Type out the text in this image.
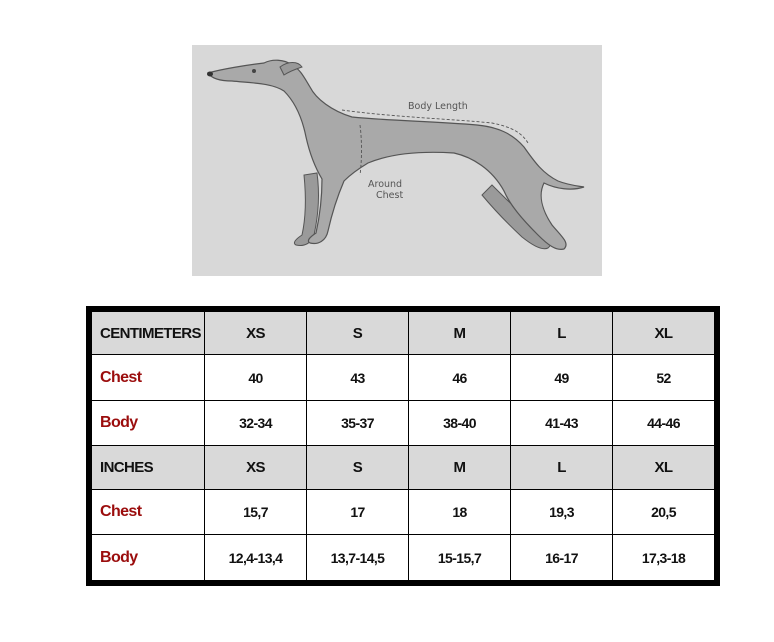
Body Length
Around
Chest
CENTIMETERS	XS	S	M	L	XL
Chest	40	43	46	49	52
Body	32-34	35-37	38-40	41-43	44-46
INCHES	XS	S	M	L	XL
Chest	15,7	17	18	19,3	20,5
Body	12,4-13,4	13,7-14,5	15-15,7	16-17	17,3-18
